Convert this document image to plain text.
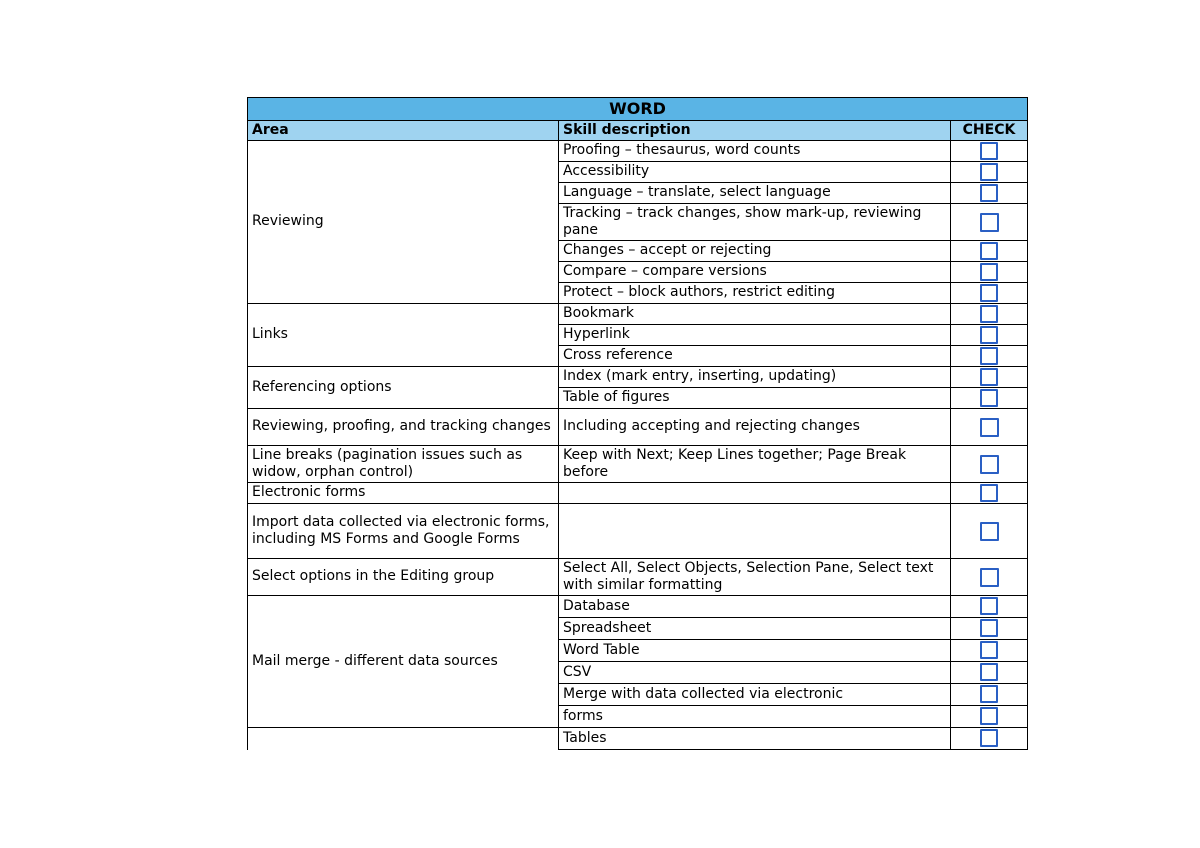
WORD		
Area	Skill description	CHECK
Reviewing	Proofing – thesaurus, word counts	
	Accessibility	
	Language – translate, select language	
	Tracking – track changes, show mark-up, reviewing pane	
	Changes – accept or rejecting	
	Compare – compare versions	
	Protect – block authors, restrict editing	
Links	Bookmark	
	Hyperlink	
	Cross reference	
Referencing options	Index (mark entry, inserting, updating)	
	Table of figures	
Reviewing, proofing, and tracking changes	Including accepting and rejecting changes	
Line breaks (pagination issues such as widow, orphan control)	Keep with Next; Keep Lines together; Page Break before	
Electronic forms		
Import data collected via electronic forms, including MS Forms and Google Forms		
Select options in the Editing group	Select All, Select Objects, Selection Pane, Select text with similar formatting	
Mail merge - different data sources	Database	
	Spreadsheet	
	Word Table	
	CSV	
	Merge with data collected via electronic	
	forms	
	Tables	
